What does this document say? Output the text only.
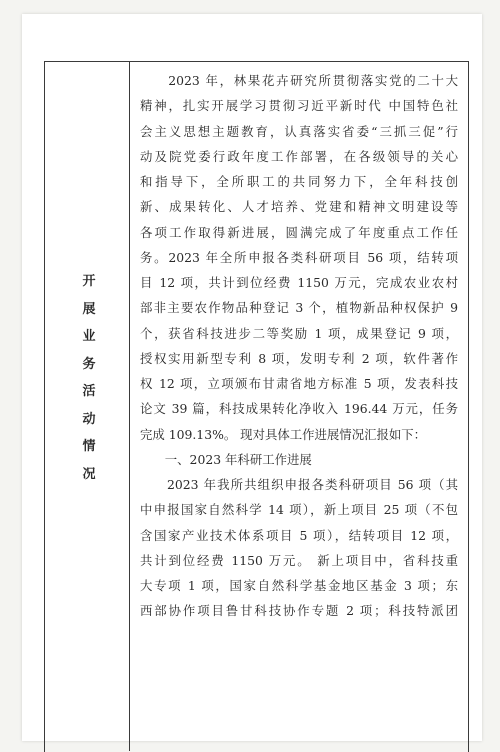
开
展
业
务
活
动
情
况
　　2023 年，林果花卉研究所贯彻落实党的二十大
精神，扎实开展学习贯彻习近平新时代 中国特色社
会主义思想主题教育，认真落实省委“三抓三促”行
动及院党委行政年度工作部署，在各级领导的关心
和指导下，全所职工的共同努力下，全年科技创
新、成果转化、人才培养、党建和精神文明建设等
各项工作取得新进展，圆满完成了年度重点工作任
务。2023 年全所申报各类科研项目 56 项，结转项
目 12 项，共计到位经费 1150 万元，完成农业农村
部非主要农作物品种登记 3 个，植物新品种权保护 9
个，获省科技进步二等奖励 1 项，成果登记 9 项，
授权实用新型专利 8 项，发明专利 2 项，软件著作
权 12 项，立项颁布甘肃省地方标准 5 项，发表科技
论文 39 篇，科技成果转化净收入 196.44 万元，任务
完成 109.13%。 现对具体工作进展情况汇报如下：
　　一、2023 年科研工作进展
　　2023 年我所共组织申报各类科研项目 56 项（其
中申报国家自然科学 14 项），新上项目 25 项（不包
含国家产业技术体系项目 5 项），结转项目 12 项，
共计到位经费 1150 万元。 新上项目中，省科技重
大专项 1 项，国家自然科学基金地区基金 3 项；东
西部协作项目鲁甘科技协作专题 2 项；科技特派团
